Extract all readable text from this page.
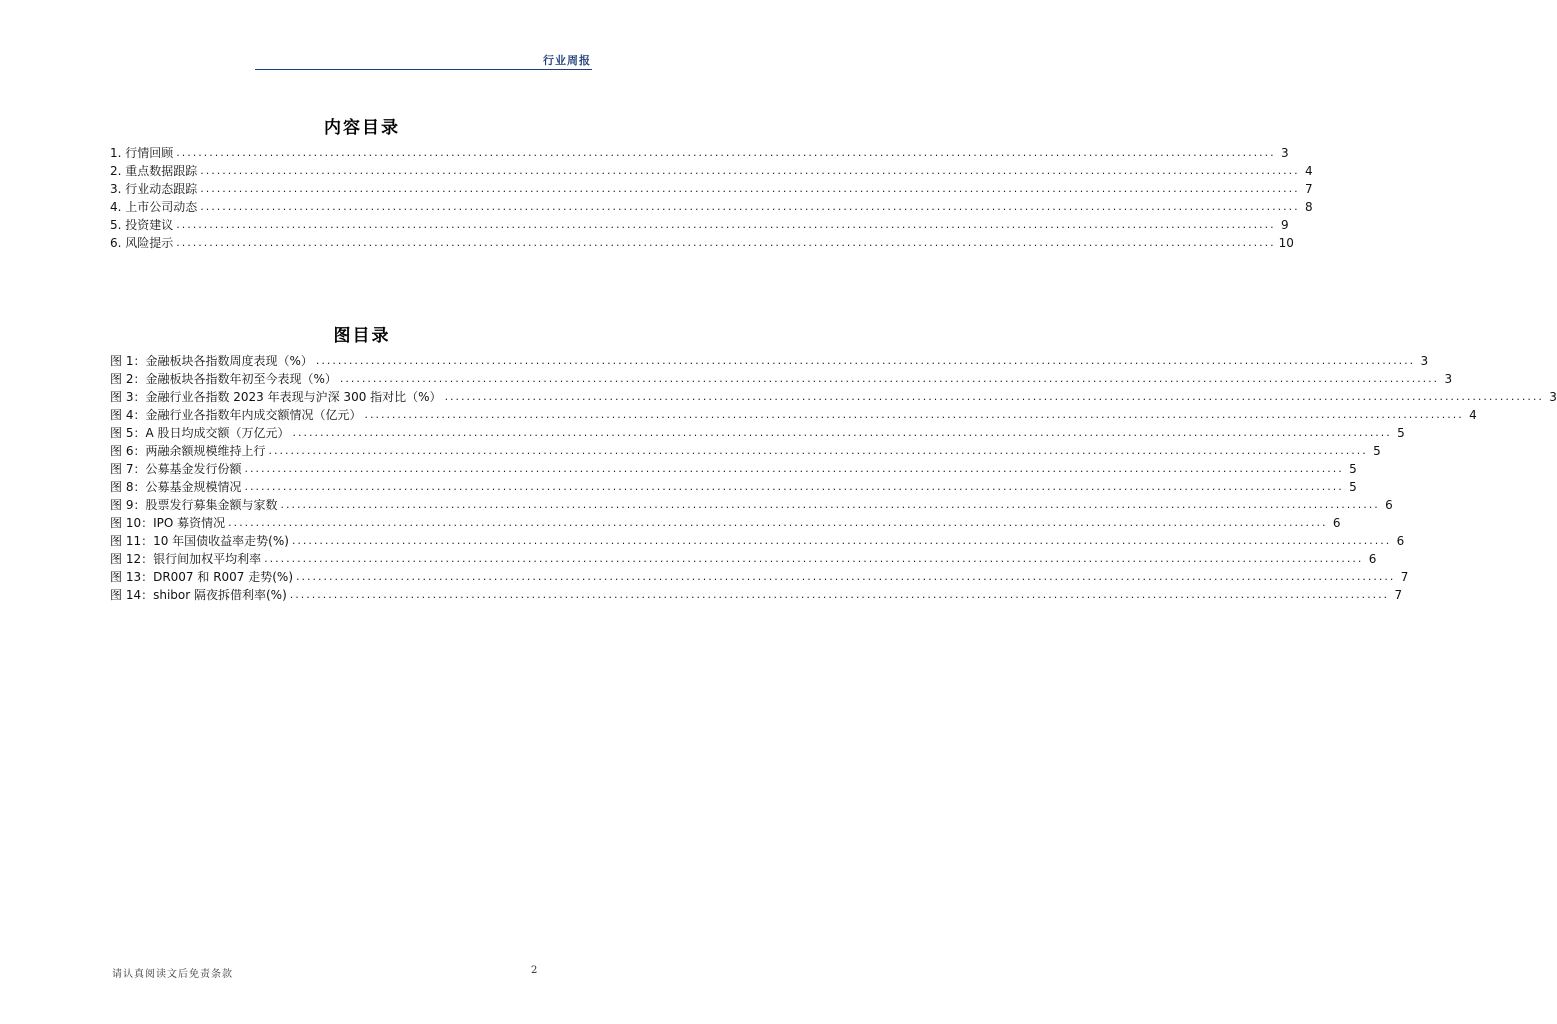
行业周报
内容目录
1. 行情回顾 ........................................................................................................................................................................................................ 3
2. 重点数据跟踪 ........................................................................................................................................................................................................ 4
3. 行业动态跟踪 ........................................................................................................................................................................................................ 7
4. 上市公司动态 ........................................................................................................................................................................................................ 8
5. 投资建议 ........................................................................................................................................................................................................ 9
6. 风险提示 ........................................................................................................................................................................................................ 10
图目录
图 1：金融板块各指数周度表现（%） ........................................................................................................................................................................................................ 3
图 2：金融板块各指数年初至今表现（%） ........................................................................................................................................................................................................ 3
图 3：金融行业各指数 2023 年表现与沪深 300 指对比（%） ........................................................................................................................................................................................................ 3
图 4：金融行业各指数年内成交额情况（亿元） ........................................................................................................................................................................................................ 4
图 5：A 股日均成交额（万亿元） ........................................................................................................................................................................................................ 5
图 6：两融余额规模维持上行 ........................................................................................................................................................................................................ 5
图 7：公募基金发行份额 ........................................................................................................................................................................................................ 5
图 8：公募基金规模情况 ........................................................................................................................................................................................................ 5
图 9：股票发行募集金额与家数 ........................................................................................................................................................................................................ 6
图 10：IPO 募资情况 ........................................................................................................................................................................................................ 6
图 11：10 年国债收益率走势(%) ........................................................................................................................................................................................................ 6
图 12：银行间加权平均利率 ........................................................................................................................................................................................................ 6
图 13：DR007 和 R007 走势(%) ........................................................................................................................................................................................................ 7
图 14：shibor 隔夜拆借利率(%) ........................................................................................................................................................................................................ 7
请认真阅读文后免责条款	2
